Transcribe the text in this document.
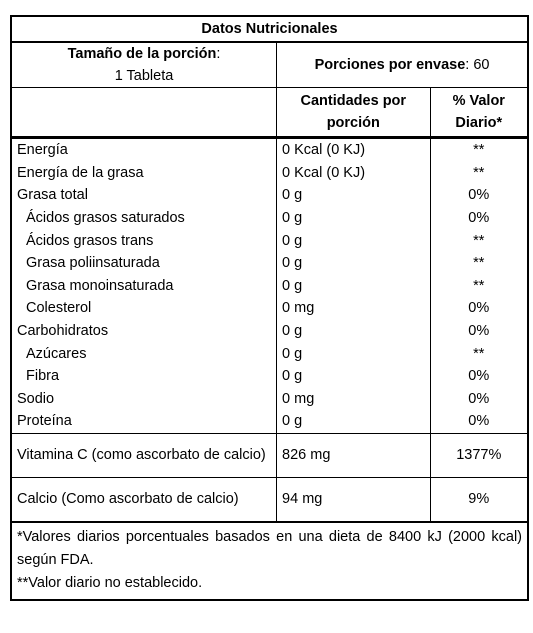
Datos Nutricionales		
Tamaño de la porción:
1 Tableta	Porciones por envase: 60	
	Cantidades por porción	% Valor Diario*
Energía	0 Kcal (0 KJ)	**
Energía de la grasa	0 Kcal (0 KJ)	**
Grasa total	0 g	0%
Ácidos grasos saturados	0 g	0%
Ácidos grasos trans	0 g	**
Grasa poliinsaturada	0 g	**
Grasa monoinsaturada	0 g	**
Colesterol	0 mg	0%
Carbohidratos	0 g	0%
Azúcares	0 g	**
Fibra	0 g	0%
Sodio	0 mg	0%
Proteína	0 g	0%
Vitamina C (como ascorbato de calcio)	826 mg	1377%
Calcio (Como ascorbato de calcio)	94 mg	9%

*Valores diarios porcentuales basados en una dieta de 8400 kJ (2000 kcal) según FDA.

**Valor diario no establecido.		
